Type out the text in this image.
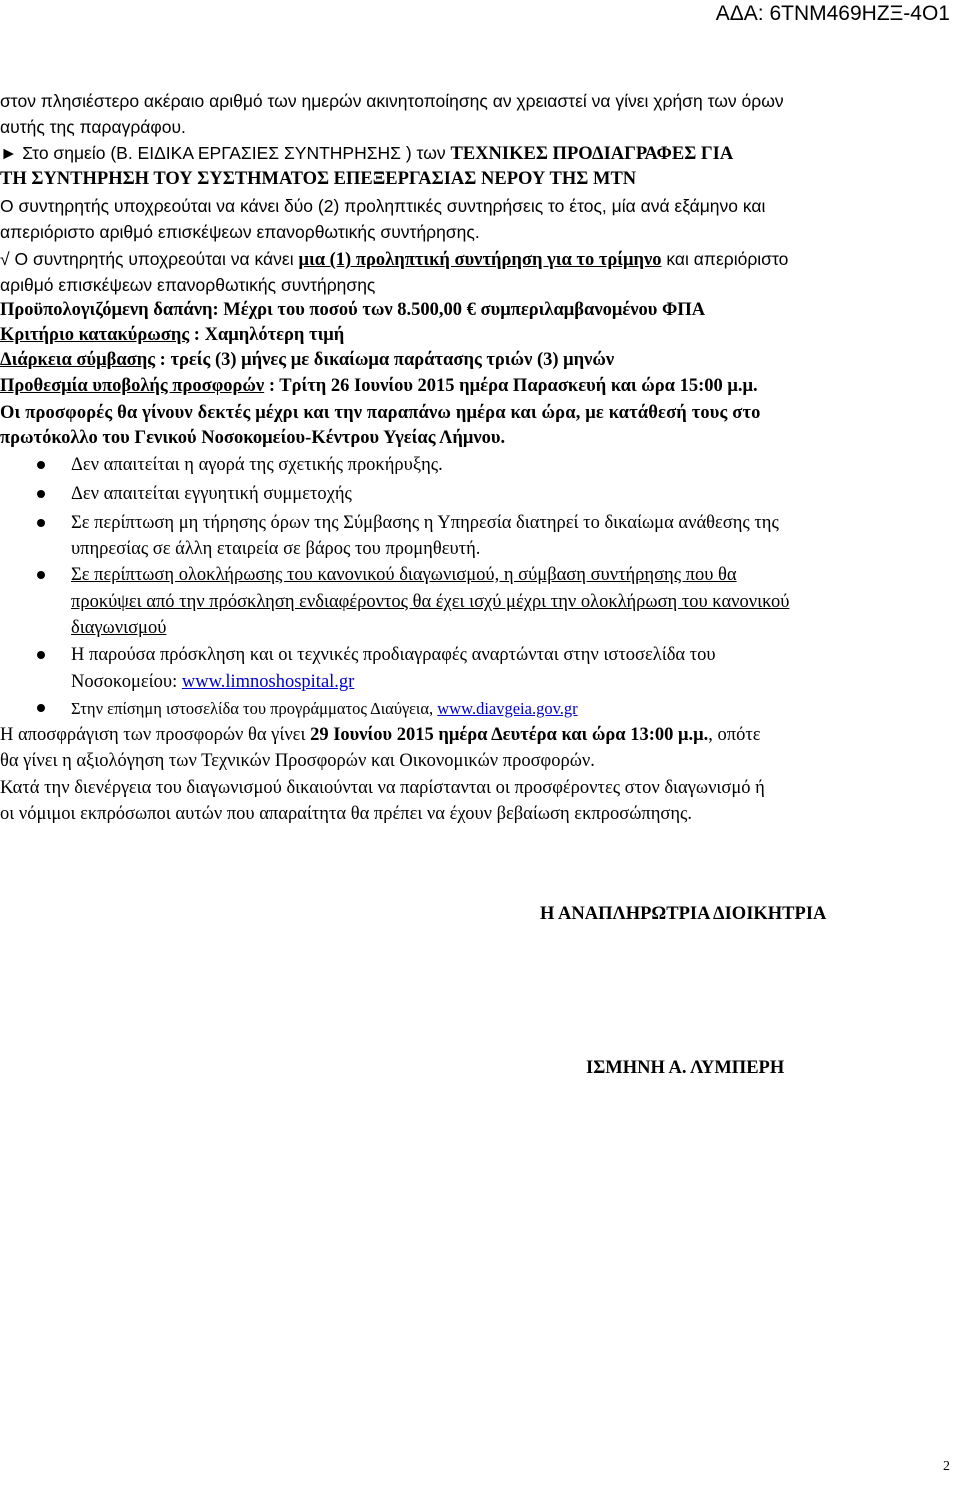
ΑΔΑ: 6ΤΝΜ469ΗΖΞ-4Ο1
στον πλησιέστερο ακέραιο αριθμό των ημερών ακινητοποίησης αν χρειαστεί να γίνει χρήση των όρων
αυτής της παραγράφου.
► Στο σημείο (Β. ΕΙΔΙΚΑ ΕΡΓΑΣΙΕΣ ΣΥΝΤΗΡΗΣΗΣ ) των ΤΕΧΝΙΚΕΣ ΠΡΟΔΙΑΓΡΑΦΕΣ ΓΙΑ
ΤΗ ΣΥΝΤΗΡΗΣΗ ΤΟΥ ΣΥΣΤΗΜΑΤΟΣ ΕΠΕΞΕΡΓΑΣΙΑΣ ΝΕΡΟΥ ΤΗΣ ΜΤΝ
Ο συντηρητής υποχρεούται να κάνει δύο (2) προληπτικές συντηρήσεις το έτος, μία ανά εξάμηνο και
απεριόριστο αριθμό επισκέψεων επανορθωτικής συντήρησης.
√ Ο συντηρητής υποχρεούται να κάνει μια (1) προληπτική συντήρηση για το τρίμηνο και απεριόριστο
αριθμό επισκέψεων επανορθωτικής συντήρησης
Προϋπολογιζόμενη δαπάνη: Μέχρι του ποσού των 8.500,00 € συμπεριλαμβανομένου ΦΠΑ
Κριτήριο κατακύρωσης : Χαμηλότερη τιμή
Διάρκεια σύμβασης : τρείς (3) μήνες με δικαίωμα παράτασης τριών (3) μηνών
Προθεσμία υποβολής προσφορών : Τρίτη 26 Ιουνίου 2015 ημέρα Παρασκευή και ώρα 15:00 μ.μ.
Οι προσφορές θα γίνουν δεκτές μέχρι και την παραπάνω ημέρα και ώρα, με κατάθεσή τους στο
πρωτόκολλο του Γενικού Νοσοκομείου-Κέντρου Υγείας Λήμνου.
Δεν απαιτείται η αγορά της σχετικής προκήρυξης.
Δεν απαιτείται εγγυητική συμμετοχής
Σε περίπτωση μη τήρησης όρων της Σύμβασης η Υπηρεσία διατηρεί το δικαίωμα ανάθεσης της
υπηρεσίας σε άλλη εταιρεία σε βάρος του προμηθευτή.
Σε περίπτωση ολοκλήρωσης του κανονικού διαγωνισμού, η σύμβαση συντήρησης που θα
προκύψει από την πρόσκληση ενδιαφέροντος θα έχει ισχύ μέχρι την ολοκλήρωση του κανονικού
διαγωνισμού
Η παρούσα πρόσκληση και οι τεχνικές προδιαγραφές αναρτώνται στην ιστοσελίδα του
Νοσοκομείου: www.limnoshospital.gr
Στην επίσημη ιστοσελίδα του προγράμματος Διαύγεια, www.diavgeia.gov.gr
Η αποσφράγιση των προσφορών θα γίνει 29 Ιουνίου 2015 ημέρα Δευτέρα και ώρα 13:00 μ.μ., οπότε
θα γίνει η αξιολόγηση των Τεχνικών Προσφορών και Οικονομικών προσφορών.
Κατά την διενέργεια του διαγωνισμού δικαιούνται να παρίστανται οι προσφέροντες στον διαγωνισμό ή
οι νόμιμοι εκπρόσωποι αυτών που απαραίτητα θα πρέπει να έχουν βεβαίωση εκπροσώπησης.
Η ΑΝΑΠΛΗΡΩΤΡΙΑ ΔΙΟΙΚΗΤΡΙΑ
ΙΣΜΗΝΗ Α. ΛΥΜΠΕΡΗ
2
